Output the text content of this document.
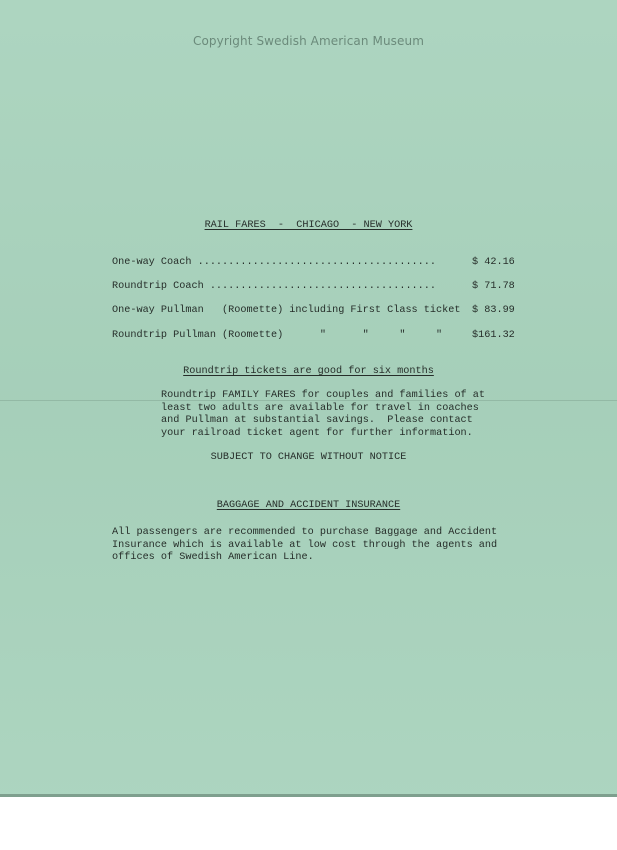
Copyright Swedish American Museum
RAIL FARES  -  CHICAGO  - NEW YORK
One-way Coach .......................................	$ 42.16
Roundtrip Coach .....................................	$ 71.78
One-way Pullman   (Roomette) including First Class ticket $ 83.99
Roundtrip Pullman (Roomette)      "      "     "     "	$161.32
Roundtrip tickets are good for six months
Roundtrip FAMILY FARES for couples and families of at
least two adults are available for travel in coaches
and Pullman at substantial savings.  Please contact
your railroad ticket agent for further information.
SUBJECT TO CHANGE WITHOUT NOTICE
BAGGAGE AND ACCIDENT INSURANCE
All passengers are recommended to purchase Baggage and Accident
Insurance which is available at low cost through the agents and
offices of Swedish American Line.
